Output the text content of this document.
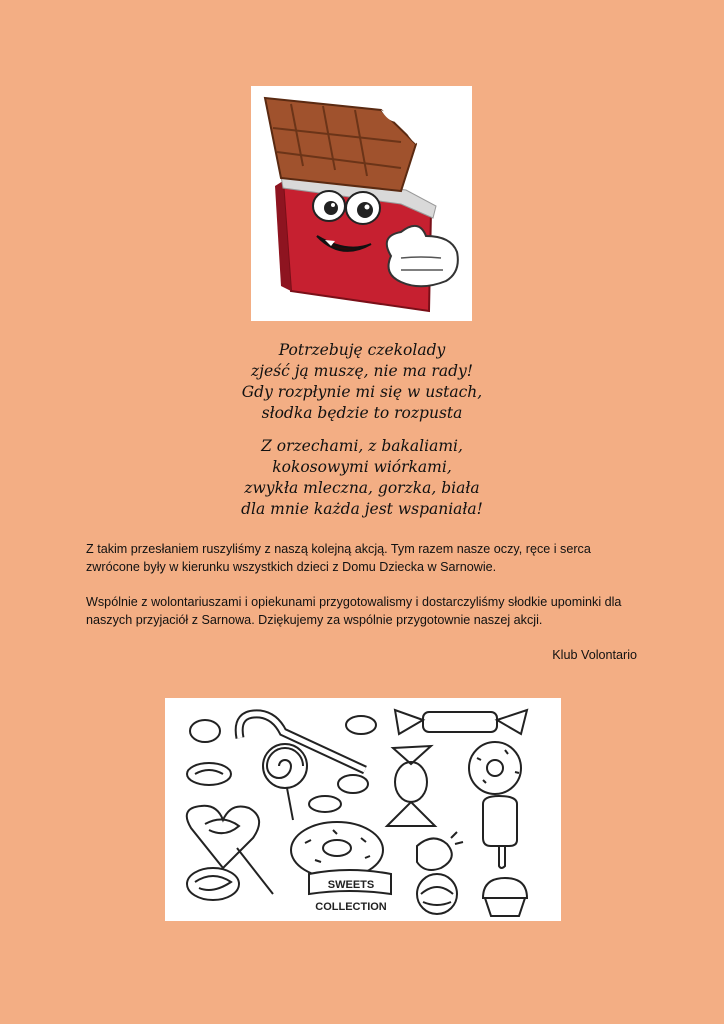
Potrzebuję czekolady
zjeść ją muszę, nie ma rady!
Gdy rozpłynie mi się w ustach,
słodka będzie to rozpusta
Z orzechami, z bakaliami,
kokosowymi wiórkami,
zwykła mleczna, gorzka, biała
dla mnie każda jest wspaniała!
Z takim przesłaniem ruszyliśmy z naszą kolejną akcją. Tym razem nasze oczy, ręce i serca zwrócone były w kierunku wszystkich dzieci z Domu Dziecka w Sarnowie.
Wspólnie z wolontariuszami i opiekunami przygotowalismy i dostarczyliśmy słodkie upominki dla naszych przyjaciół z Sarnowa. Dziękujemy za wspólnie przygotownie naszej akcji.
Klub Volontario
SWEETS
COLLECTION
